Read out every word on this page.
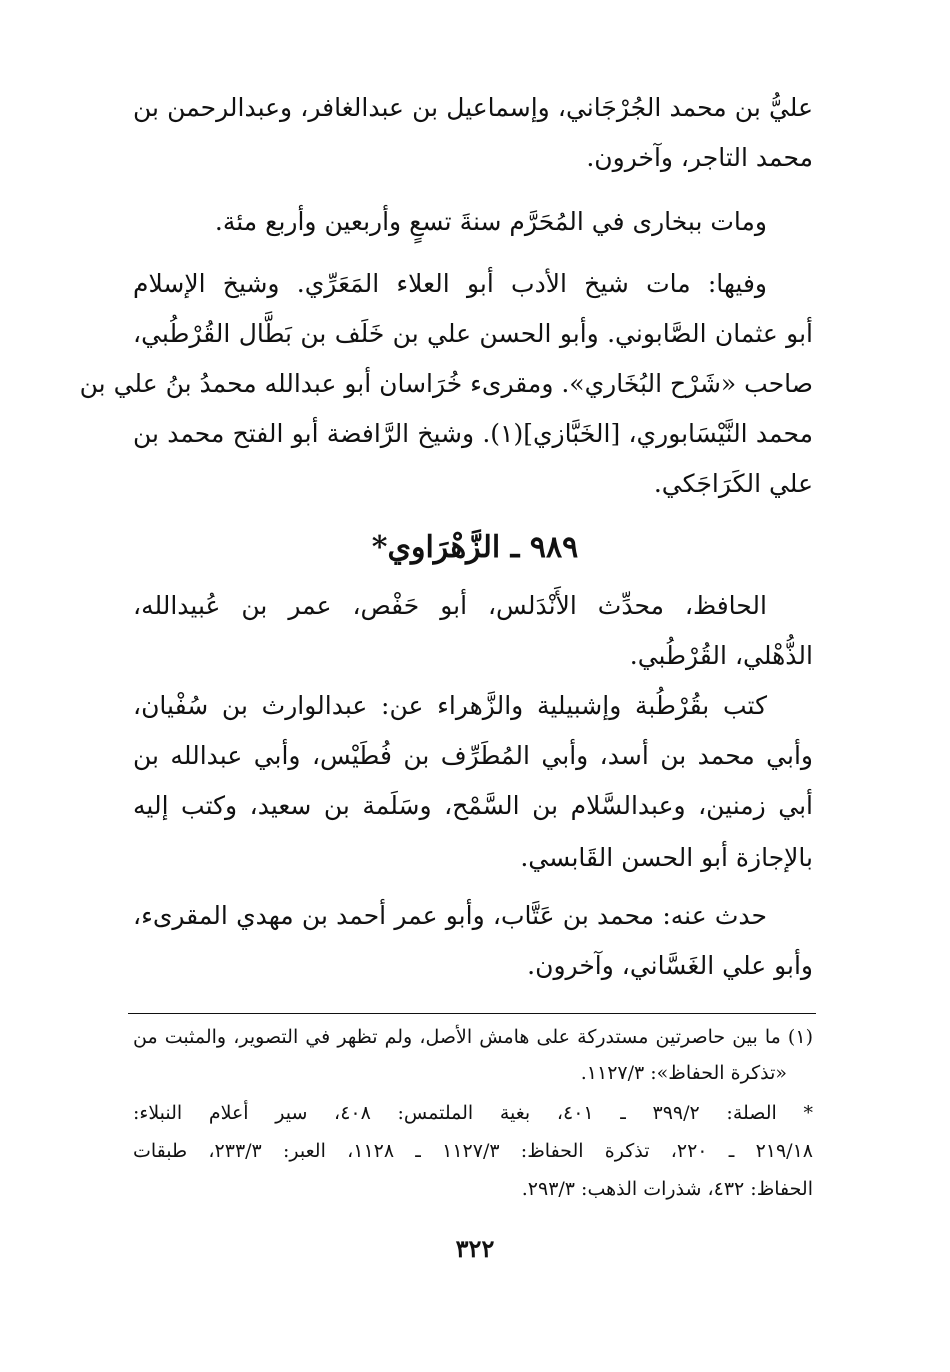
عليُّ بن محمد الجُرْجَاني، وإسماعيل بن عبدالغافر، وعبدالرحمن بن
محمد التاجر، وآخرون.
ومات ببخارى في المُحَرَّم سنةَ تسعٍ وأربعين وأربع مئة.
وفيها: مات شيخ الأدب أبو العلاء المَعَرِّي. وشيخ الإسلام
أبو عثمان الصَّابوني. وأبو الحسن علي بن خَلَف بن بَطَّال القُرْطُبي،
صاحب «شَرْح البُخَاري». ومقرىء خُرَاسان أبو عبدالله محمدُ بنُ علي بن
محمد النَّيْسَابوري، [الخَبَّازي](١). وشيخ الرَّافضة أبو الفتح محمد بن
علي الكَرَاجَكي.
٩٨٩ ـ الزَّهْرَاوي*
الحافظ، محدِّث الأَنْدَلس، أبو حَفْص، عمر بن عُبيدالله،
الذُّهْلي، القُرْطُبي.
كتب بقُرْطُبة وإشبيلية والزَّهراء عن: عبدالوارث بن سُفْيان،
وأبي محمد بن أسد، وأبي المُطَرِّف بن فُطَيْس، وأبي عبدالله بن
أبي زمنين، وعبدالسَّلام بن السَّمْح، وسَلَمة بن سعيد، وكتب إليه
بالإجازة أبو الحسن القَابسي.
حدث عنه: محمد بن عَتَّاب، وأبو عمر أحمد بن مهدي المقرىء،
وأبو علي الغَسَّاني، وآخرون.
(١) ما بين حاصرتين مستدركة على هامش الأصل، ولم تظهر في التصوير، والمثبت من
«تذكرة الحفاظ»: ١١٢٧/٣.
* الصلة: ٣٩٩/٢ ـ ٤٠١، بغية الملتمس: ٤٠٨، سير أعلام النبلاء:
٢١٩/١٨ ـ ٢٢٠، تذكرة الحفاظ: ١١٢٧/٣ ـ ١١٢٨، العبر: ٢٣٣/٣، طبقات
الحفاظ: ٤٣٢، شذرات الذهب: ٢٩٣/٣.
٣٢٢
